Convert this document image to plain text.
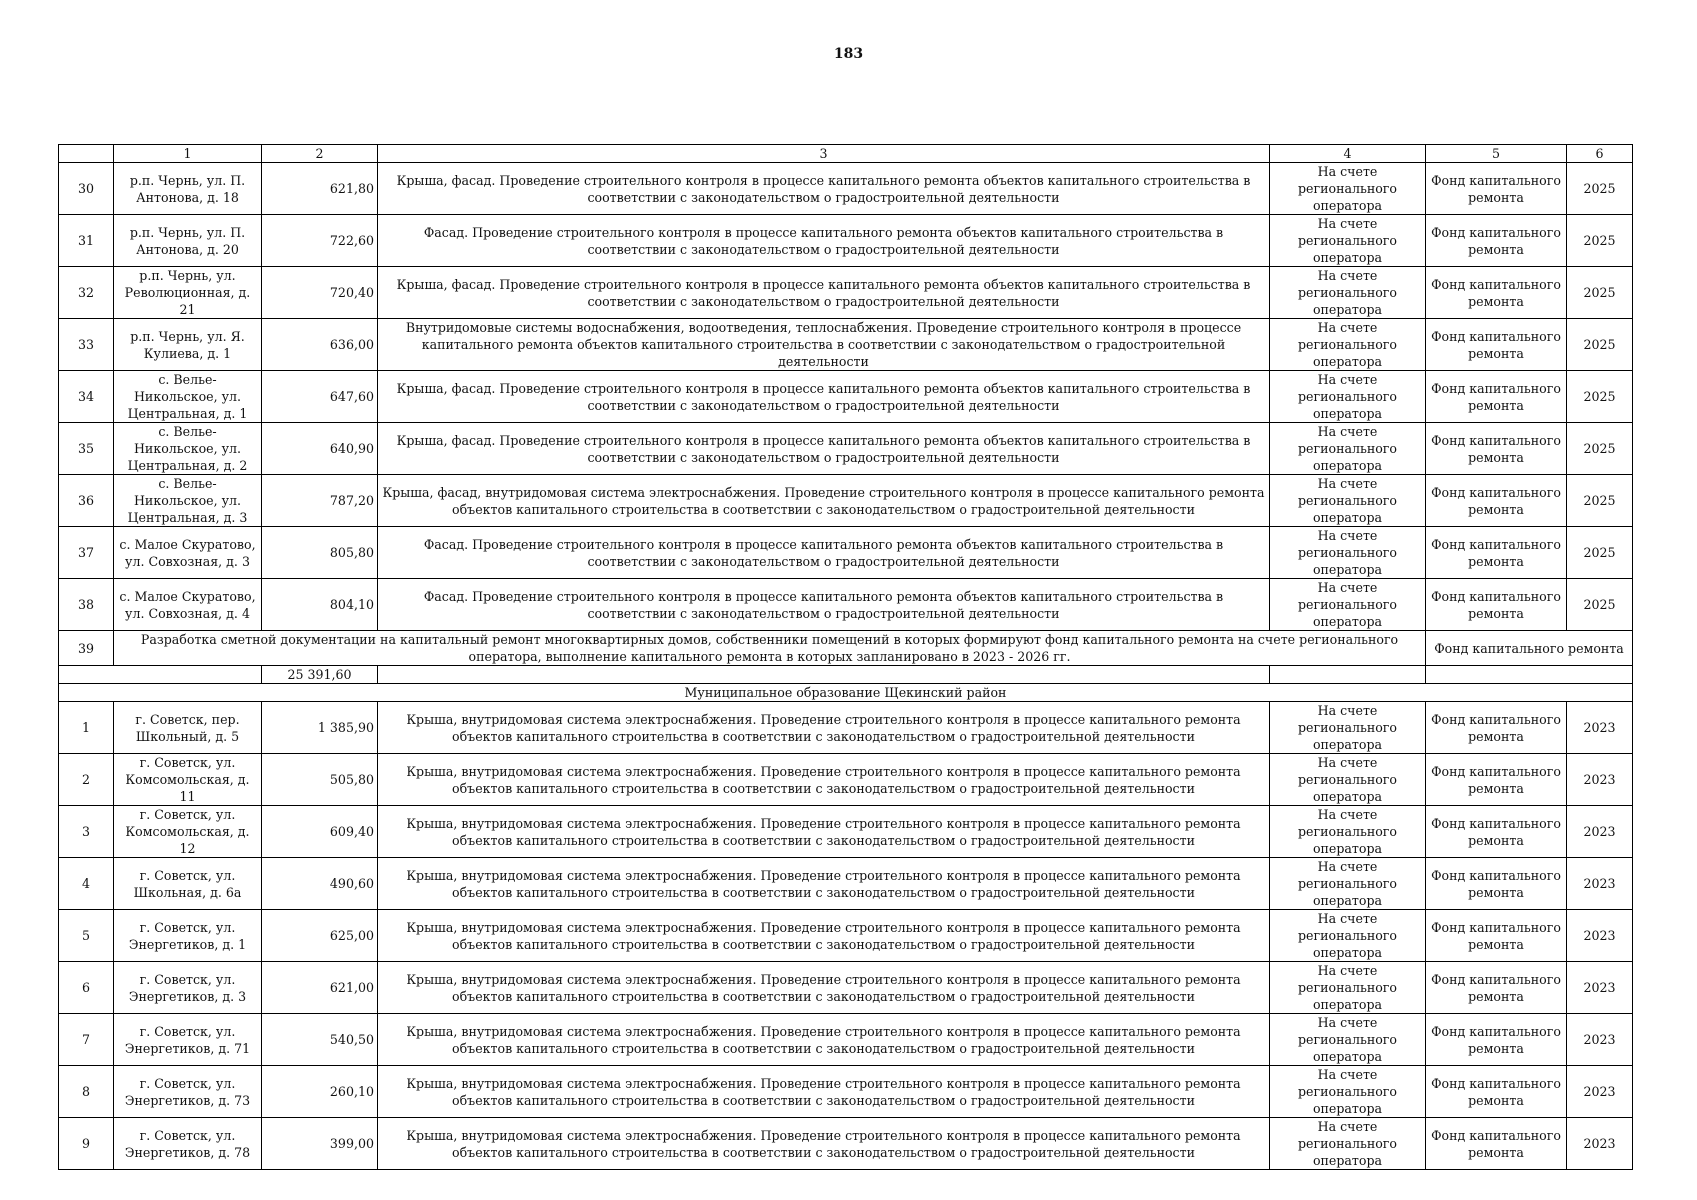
183
	1	2	3	4	5	6
30	р.п. Чернь, ул. П. Антонова, д. 18	621,80	Крыша, фасад. Проведение строительного контроля в процессе капитального ремонта объектов капитального строительства в соответствии с законодательством о градостроительной деятельности	На счете регионального оператора	Фонд капитального ремонта	2025
31	р.п. Чернь, ул. П. Антонова, д. 20	722,60	Фасад. Проведение строительного контроля в процессе капитального ремонта объектов капитального строительства в соответствии с законодательством о градостроительной деятельности	На счете регионального оператора	Фонд капитального ремонта	2025
32	р.п. Чернь, ул. Революционная, д. 21	720,40	Крыша, фасад. Проведение строительного контроля в процессе капитального ремонта объектов капитального строительства в соответствии с законодательством о градостроительной деятельности	На счете регионального оператора	Фонд капитального ремонта	2025
33	р.п. Чернь, ул. Я. Кулиева, д. 1	636,00	Внутридомовые системы водоснабжения, водоотведения, теплоснабжения. Проведение строительного контроля в процессе капитального ремонта объектов капитального строительства в соответствии с законодательством о градостроительной деятельности	На счете регионального оператора	Фонд капитального ремонта	2025
34	с. Велье-Никольское, ул. Центральная, д. 1	647,60	Крыша, фасад. Проведение строительного контроля в процессе капитального ремонта объектов капитального строительства в соответствии с законодательством о градостроительной деятельности	На счете регионального оператора	Фонд капитального ремонта	2025
35	с. Велье-Никольское, ул. Центральная, д. 2	640,90	Крыша, фасад. Проведение строительного контроля в процессе капитального ремонта объектов капитального строительства в соответствии с законодательством о градостроительной деятельности	На счете регионального оператора	Фонд капитального ремонта	2025
36	с. Велье-Никольское, ул. Центральная, д. 3	787,20	Крыша, фасад, внутридомовая система электроснабжения. Проведение строительного контроля в процессе капитального ремонта объектов капитального строительства в соответствии с законодательством о градостроительной деятельности	На счете регионального оператора	Фонд капитального ремонта	2025
37	с. Малое Скуратово, ул. Совхозная, д. 3	805,80	Фасад. Проведение строительного контроля в процессе капитального ремонта объектов капитального строительства в соответствии с законодательством о градостроительной деятельности	На счете регионального оператора	Фонд капитального ремонта	2025
38	с. Малое Скуратово, ул. Совхозная, д. 4	804,10	Фасад. Проведение строительного контроля в процессе капитального ремонта объектов капитального строительства в соответствии с законодательством о градостроительной деятельности	На счете регионального оператора	Фонд капитального ремонта	2025
39	Разработка сметной документации на капитальный ремонт многоквартирных домов, собственники помещений в которых формируют фонд капитального ремонта на счете регионального оператора, выполнение капитального ремонта в которых запланировано в 2023 - 2026 гг.				Фонд капитального ремонта	
		25 391,60				
Муниципальное образование Щекинский район						
1	г. Советск, пер. Школьный, д. 5	1 385,90	Крыша, внутридомовая система электроснабжения. Проведение строительного контроля в процессе капитального ремонта объектов капитального строительства в соответствии с законодательством о градостроительной деятельности	На счете регионального оператора	Фонд капитального ремонта	2023
2	г. Советск, ул. Комсомольская, д. 11	505,80	Крыша, внутридомовая система электроснабжения. Проведение строительного контроля в процессе капитального ремонта объектов капитального строительства в соответствии с законодательством о градостроительной деятельности	На счете регионального оператора	Фонд капитального ремонта	2023
3	г. Советск, ул. Комсомольская, д. 12	609,40	Крыша, внутридомовая система электроснабжения. Проведение строительного контроля в процессе капитального ремонта объектов капитального строительства в соответствии с законодательством о градостроительной деятельности	На счете регионального оператора	Фонд капитального ремонта	2023
4	г. Советск, ул. Школьная, д. 6а	490,60	Крыша, внутридомовая система электроснабжения. Проведение строительного контроля в процессе капитального ремонта объектов капитального строительства в соответствии с законодательством о градостроительной деятельности	На счете регионального оператора	Фонд капитального ремонта	2023
5	г. Советск, ул. Энергетиков, д. 1	625,00	Крыша, внутридомовая система электроснабжения. Проведение строительного контроля в процессе капитального ремонта объектов капитального строительства в соответствии с законодательством о градостроительной деятельности	На счете регионального оператора	Фонд капитального ремонта	2023
6	г. Советск, ул. Энергетиков, д. 3	621,00	Крыша, внутридомовая система электроснабжения. Проведение строительного контроля в процессе капитального ремонта объектов капитального строительства в соответствии с законодательством о градостроительной деятельности	На счете регионального оператора	Фонд капитального ремонта	2023
7	г. Советск, ул. Энергетиков, д. 71	540,50	Крыша, внутридомовая система электроснабжения. Проведение строительного контроля в процессе капитального ремонта объектов капитального строительства в соответствии с законодательством о градостроительной деятельности	На счете регионального оператора	Фонд капитального ремонта	2023
8	г. Советск, ул. Энергетиков, д. 73	260,10	Крыша, внутридомовая система электроснабжения. Проведение строительного контроля в процессе капитального ремонта объектов капитального строительства в соответствии с законодательством о градостроительной деятельности	На счете регионального оператора	Фонд капитального ремонта	2023
9	г. Советск, ул. Энергетиков, д. 78	399,00	Крыша, внутридомовая система электроснабжения. Проведение строительного контроля в процессе капитального ремонта объектов капитального строительства в соответствии с законодательством о градостроительной деятельности	На счете регионального оператора	Фонд капитального ремонта	2023
